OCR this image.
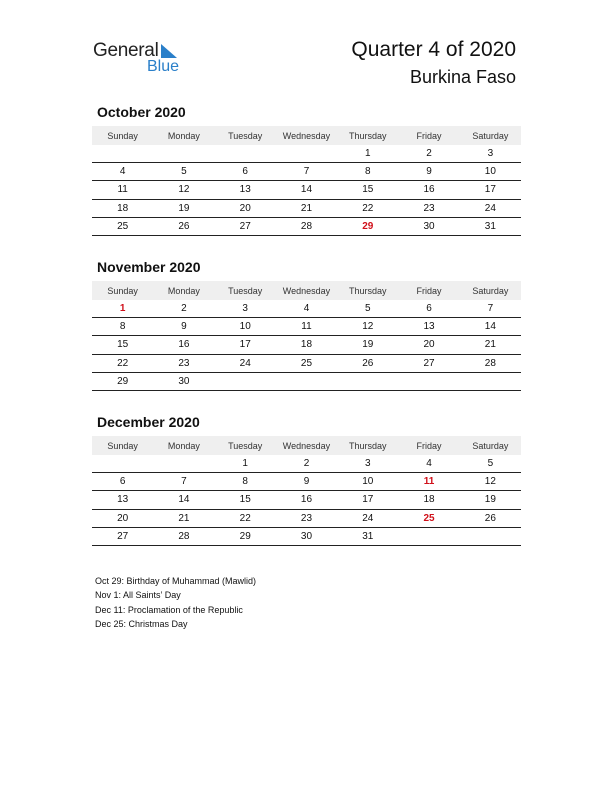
General
Blue
Quarter 4 of 2020
Burkina Faso
October 2020
Sunday	Monday	Tuesday	Wednesday	Thursday	Friday	Saturday
				1	2	3
4	5	6	7	8	9	10
11	12	13	14	15	16	17
18	19	20	21	22	23	24
25	26	27	28	29	30	31
November 2020
Sunday	Monday	Tuesday	Wednesday	Thursday	Friday	Saturday
1	2	3	4	5	6	7
8	9	10	11	12	13	14
15	16	17	18	19	20	21
22	23	24	25	26	27	28
29	30					
December 2020
Sunday	Monday	Tuesday	Wednesday	Thursday	Friday	Saturday
		1	2	3	4	5
6	7	8	9	10	11	12
13	14	15	16	17	18	19
20	21	22	23	24	25	26
27	28	29	30	31		
Oct 29: Birthday of Muhammad (Mawlid)
Nov 1: All Saints’ Day
Dec 11: Proclamation of the Republic
Dec 25: Christmas Day
